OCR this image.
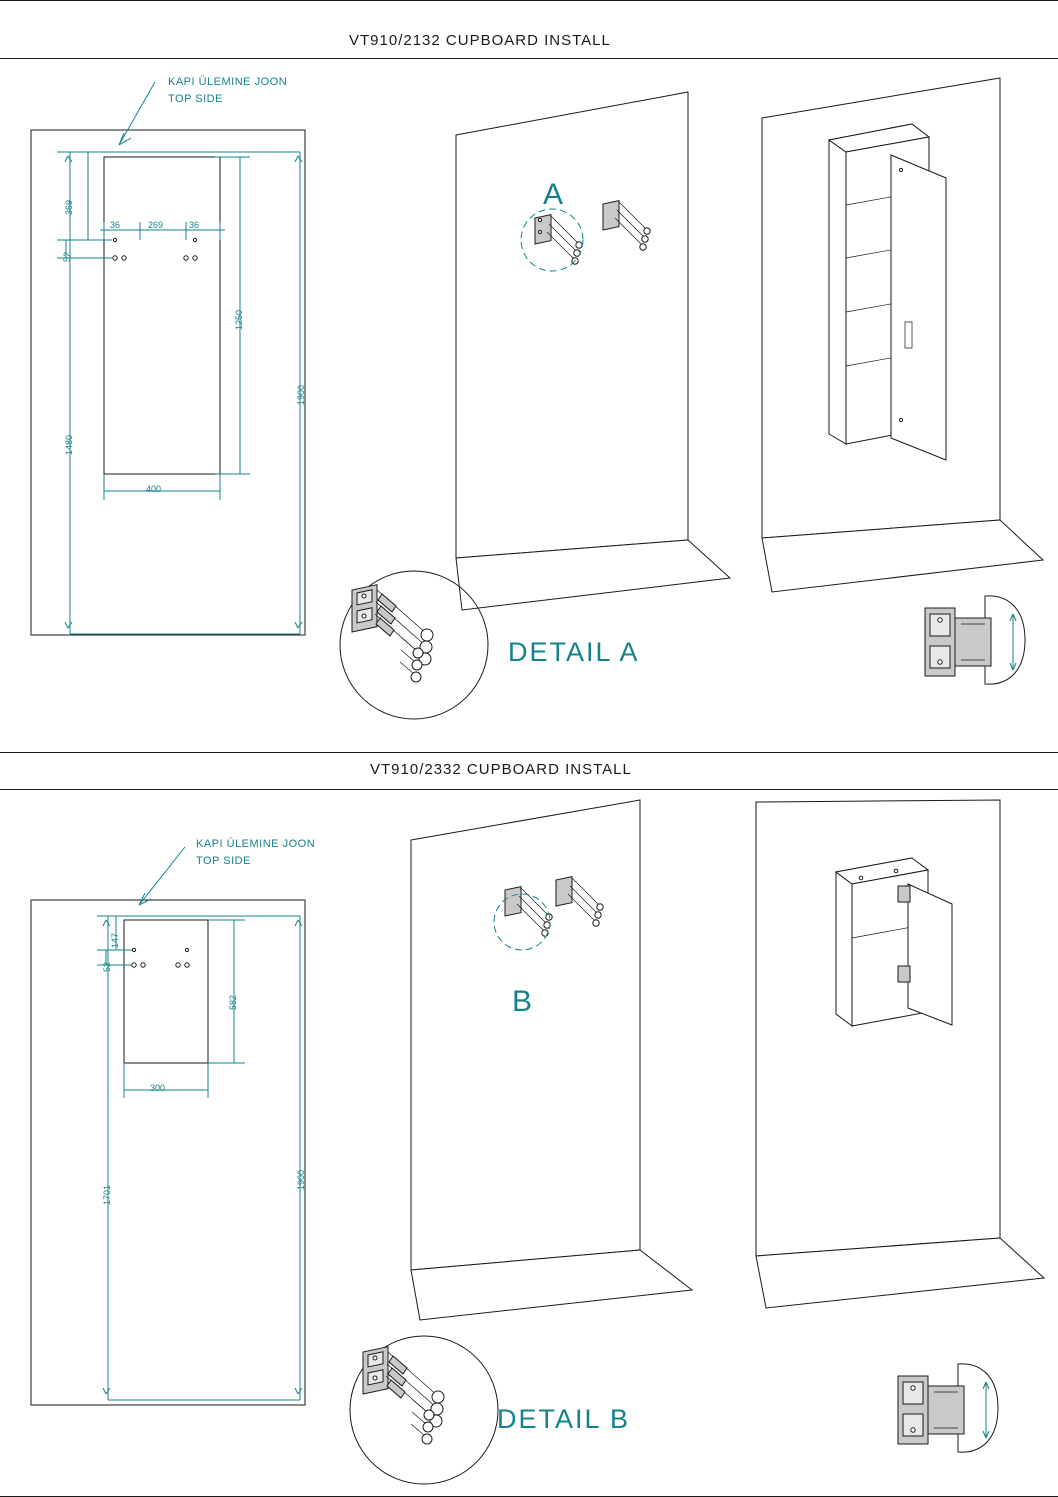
VT910/2132 CUPBOARD INSTALL
VT910/2332 CUPBOARD INSTALL
KAPI ÜLEMINE JOON
TOP SIDE
369
52
1250
1480
1900
36	269	36
400
A
DETAIL A
KAPI ÜLEMINE JOON
TOP SIDE
147
52
582
1701
1900
300
B
DETAIL B
